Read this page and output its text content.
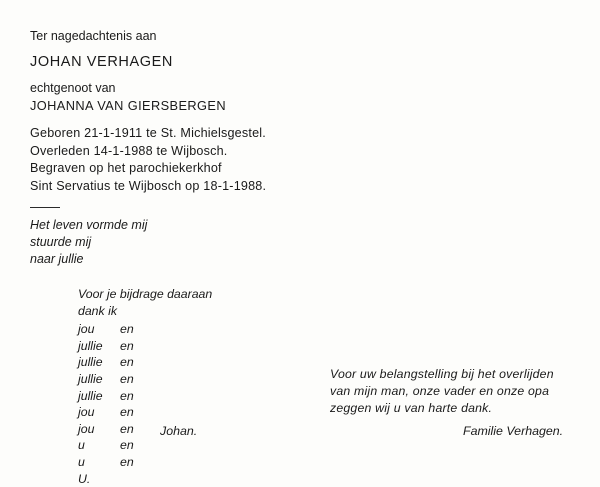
Ter nagedachtenis aan
JOHAN VERHAGEN
echtgenoot van
JOHANNA VAN GIERSBERGEN
Geboren 21-1-1911 te St. Michielsgestel.
Overleden 14-1-1988 te Wijbosch.
Begraven op het parochiekerkhof
Sint Servatius te Wijbosch op 18-1-1988.
Het leven vormde mij
stuurde mij
naar jullie
Voor je bijdrage daaraan
dank ik
jou en
jullie en
jullie en
jullie en
jullie en
jou en
jou en
u	en
u	en
U.
Johan.
Voor uw belangstelling bij het overlijden
van mijn man, onze vader en onze opa
zeggen wij u van harte dank.
Familie Verhagen.
